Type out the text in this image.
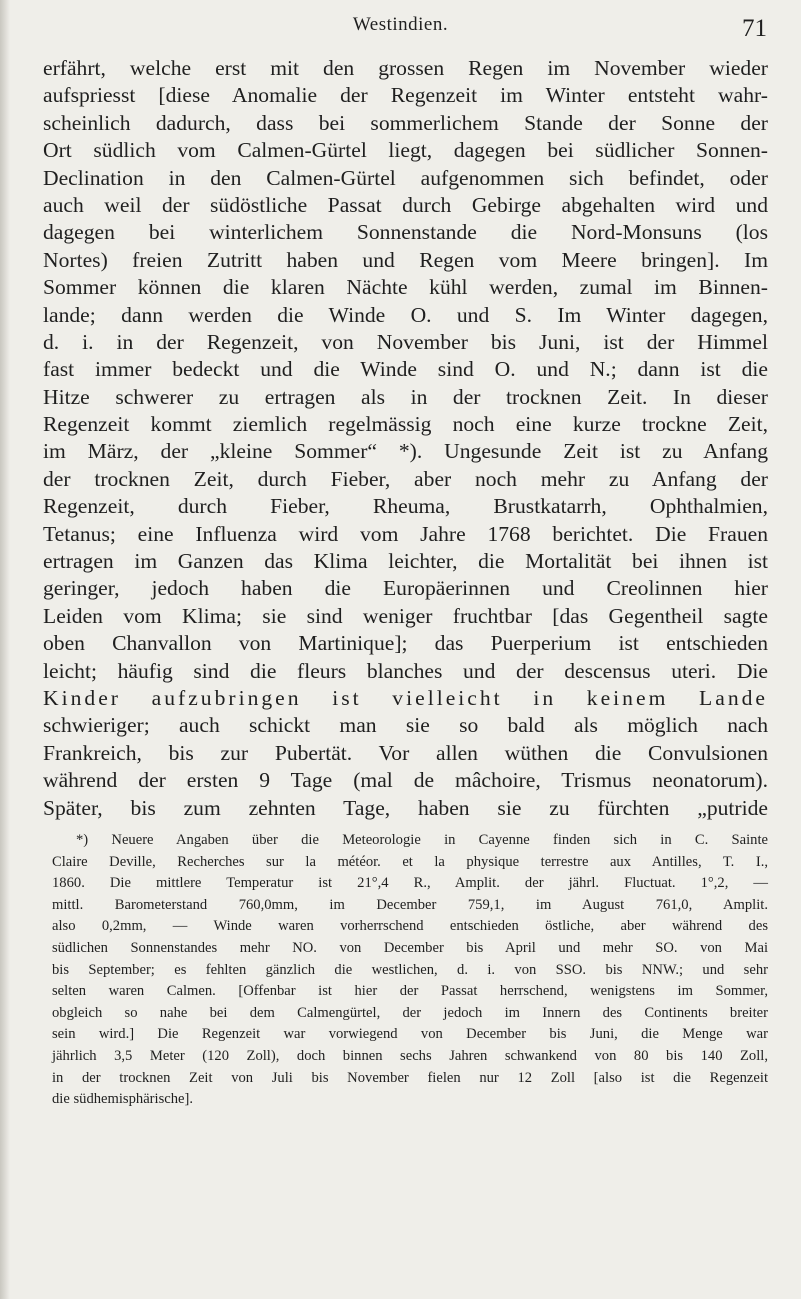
Westindien.	71
erfährt, welche erst mit den grossen Regen im November wieder
aufspriesst [diese Anomalie der Regenzeit im Winter entsteht wahr-
scheinlich dadurch, dass bei sommerlichem Stande der Sonne der
Ort südlich vom Calmen-Gürtel liegt, dagegen bei südlicher Sonnen-
Declination in den Calmen-Gürtel aufgenommen sich befindet, oder
auch weil der südöstliche Passat durch Gebirge abgehalten wird und
dagegen bei winterlichem Sonnenstande die Nord-Monsuns (los
Nortes) freien Zutritt haben und Regen vom Meere bringen]. Im
Sommer können die klaren Nächte kühl werden, zumal im Binnen-
lande; dann werden die Winde O. und S. Im Winter dagegen,
d. i. in der Regenzeit, von November bis Juni, ist der Himmel
fast immer bedeckt und die Winde sind O. und N.; dann ist die
Hitze schwerer zu ertragen als in der trocknen Zeit. In dieser
Regenzeit kommt ziemlich regelmässig noch eine kurze trockne Zeit,
im März, der „kleine Sommer“ *). Ungesunde Zeit ist zu Anfang
der trocknen Zeit, durch Fieber, aber noch mehr zu Anfang der
Regenzeit, durch Fieber, Rheuma, Brustkatarrh, Ophthalmien,
Tetanus; eine Influenza wird vom Jahre 1768 berichtet. Die Frauen
ertragen im Ganzen das Klima leichter, die Mortalität bei ihnen ist
geringer, jedoch haben die Europäerinnen und Creolinnen hier
Leiden vom Klima; sie sind weniger fruchtbar [das Gegentheil sagte
oben Chanvallon von Martinique]; das Puerperium ist entschieden
leicht; häufig sind die fleurs blanches und der descensus uteri. Die
Kinder aufzubringen ist vielleicht in keinem Lande
schwieriger; auch schickt man sie so bald als möglich nach
Frankreich, bis zur Pubertät. Vor allen wüthen die Convulsionen
während der ersten 9 Tage (mal de mâchoire, Trismus neonatorum).
Später, bis zum zehnten Tage, haben sie zu fürchten „putride
*) Neuere Angaben über die Meteorologie in Cayenne finden sich in C. Sainte
Claire Deville, Recherches sur la météor. et la physique terrestre aux Antilles, T. I.,
1860. Die mittlere Temperatur ist 21°,4 R., Amplit. der jährl. Fluctuat. 1°,2, —
mittl. Barometerstand 760,0mm, im December 759,1, im August 761,0, Amplit.
also 0,2mm, — Winde waren vorherrschend entschieden östliche, aber während des
südlichen Sonnenstandes mehr NO. von December bis April und mehr SO. von Mai
bis September; es fehlten gänzlich die westlichen, d. i. von SSO. bis NNW.; und sehr
selten waren Calmen. [Offenbar ist hier der Passat herrschend, wenigstens im Sommer,
obgleich so nahe bei dem Calmengürtel, der jedoch im Innern des Continents breiter
sein wird.] Die Regenzeit war vorwiegend von December bis Juni, die Menge war
jährlich 3,5 Meter (120 Zoll), doch binnen sechs Jahren schwankend von 80 bis 140 Zoll,
in der trocknen Zeit von Juli bis November fielen nur 12 Zoll [also ist die Regenzeit
die südhemisphärische].
